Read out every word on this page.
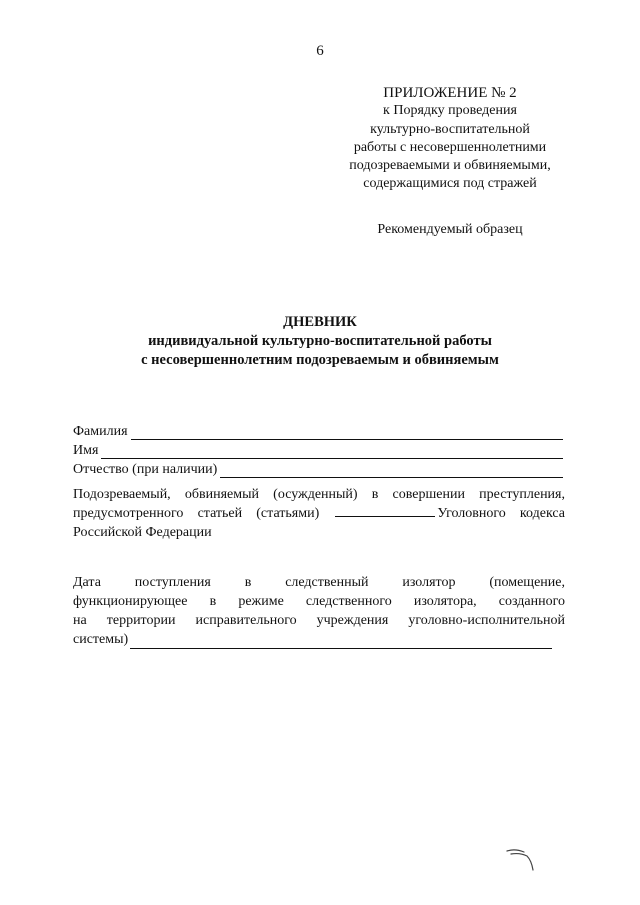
6
ПРИЛОЖЕНИЕ № 2
к Порядку проведения
культурно-воспитательной
работы с несовершеннолетними
подозреваемыми и обвиняемыми,
содержащимися под стражей
Рекомендуемый образец
ДНЕВНИК
индивидуальной культурно-воспитательной работы
с несовершеннолетним подозреваемым и обвиняемым
Фамилия
Имя
Отчество (при наличии)
Подозреваемый, обвиняемый (осужденный) в совершении преступления,
предусмотренного статьей (статьями)	Уголовного кодекса
Российской Федерации
Дата поступления в следственный изолятор (помещение,
функционирующее в режиме следственного изолятора, созданного
на территории исправительного учреждения уголовно-исполнительной
системы)
